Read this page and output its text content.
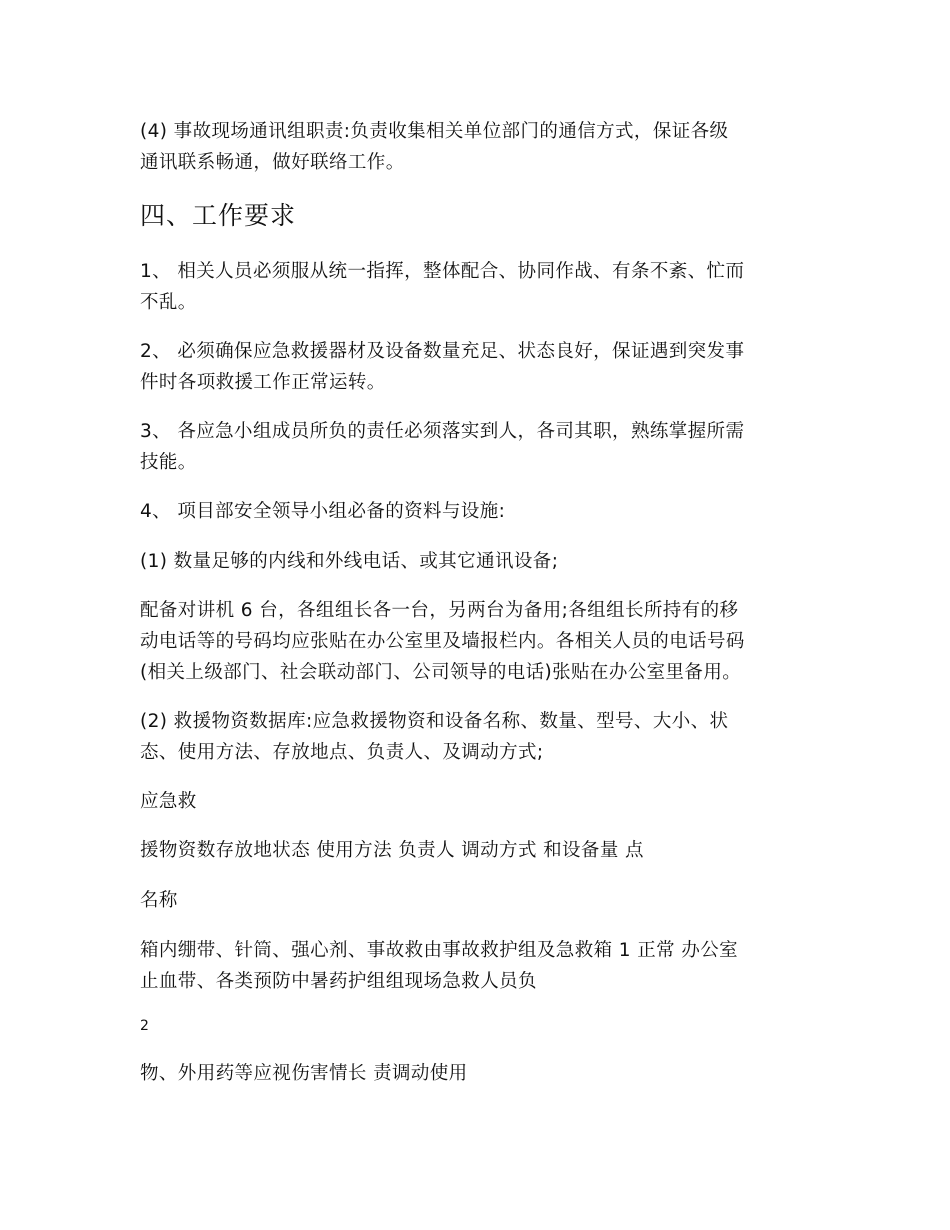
(4) 事故现场通讯组职责:负责收集相关单位部门的通信方式，保证各级
通讯联系畅通，做好联络工作。

四、工作要求

1、 相关人员必须服从统一指挥，整体配合、协同作战、有条不紊、忙而
不乱。

2、 必须确保应急救援器材及设备数量充足、状态良好，保证遇到突发事
件时各项救援工作正常运转。

3、 各应急小组成员所负的责任必须落实到人，各司其职，熟练掌握所需
技能。

4、 项目部安全领导小组必备的资料与设施:

(1) 数量足够的内线和外线电话、或其它通讯设备;

配备对讲机 6 台，各组组长各一台，另两台为备用;各组组长所持有的移
动电话等的号码均应张贴在办公室里及墙报栏内。各相关人员的电话号码
(相关上级部门、社会联动部门、公司领导的电话)张贴在办公室里备用。

(2) 救援物资数据库:应急救援物资和设备名称、数量、型号、大小、状
态、使用方法、存放地点、负责人、及调动方式;

应急救

援物资数存放地状态 使用方法 负责人 调动方式 和设备量 点

名称

箱内绷带、针筒、强心剂、事故救由事故救护组及急救箱 1 正常 办公室
止血带、各类预防中暑药护组组现场急救人员负

2

物、外用药等应视伤害情长 责调动使用
